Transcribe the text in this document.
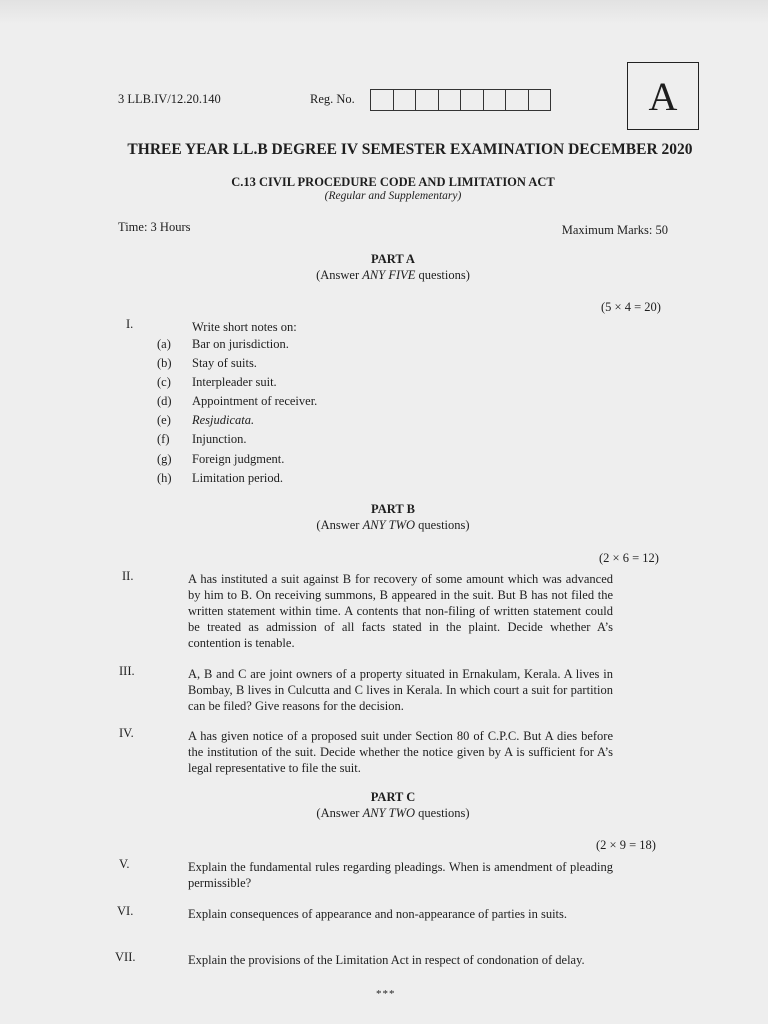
3 LLB.IV/12.20.140	Reg. No.	A
THREE YEAR LL.B DEGREE IV SEMESTER EXAMINATION DECEMBER 2020
C.13 CIVIL PROCEDURE CODE AND LIMITATION ACT
(Regular and Supplementary)
Time: 3 Hours	Maximum Marks: 50
PART A
(Answer ANY FIVE questions)
(5 × 4 = 20)
I.	Write short notes on:
(a) Bar on jurisdiction.
(b) Stay of suits.
(c) Interpleader suit.
(d) Appointment of receiver.
(e) Resjudicata.
(f) Injunction.
(g) Foreign judgment.
(h) Limitation period.
PART B
(Answer ANY TWO questions)
(2 × 6 = 12)
II.	A has instituted a suit against B for recovery of some amount which was advanced by him to B. On receiving summons, B appeared in the suit. But B has not filed the written statement within time. A contents that non-filing of written statement could be treated as admission of all facts stated in the plaint. Decide whether A’s contention is tenable.
III.	A, B and C are joint owners of a property situated in Ernakulam, Kerala. A lives in Bombay, B lives in Culcutta and C lives in Kerala. In which court a suit for partition can be filed? Give reasons for the decision.
IV.	A has given notice of a proposed suit under Section 80 of C.P.C. But A dies before the institution of the suit. Decide whether the notice given by A is sufficient for A’s legal representative to file the suit.
PART C
(Answer ANY TWO questions)
(2 × 9 = 18)
V.	Explain the fundamental rules regarding pleadings. When is amendment of pleading permissible?
VI.	Explain consequences of appearance and non-appearance of parties in suits.
VII.	Explain the provisions of the Limitation Act in respect of condonation of delay.
***
